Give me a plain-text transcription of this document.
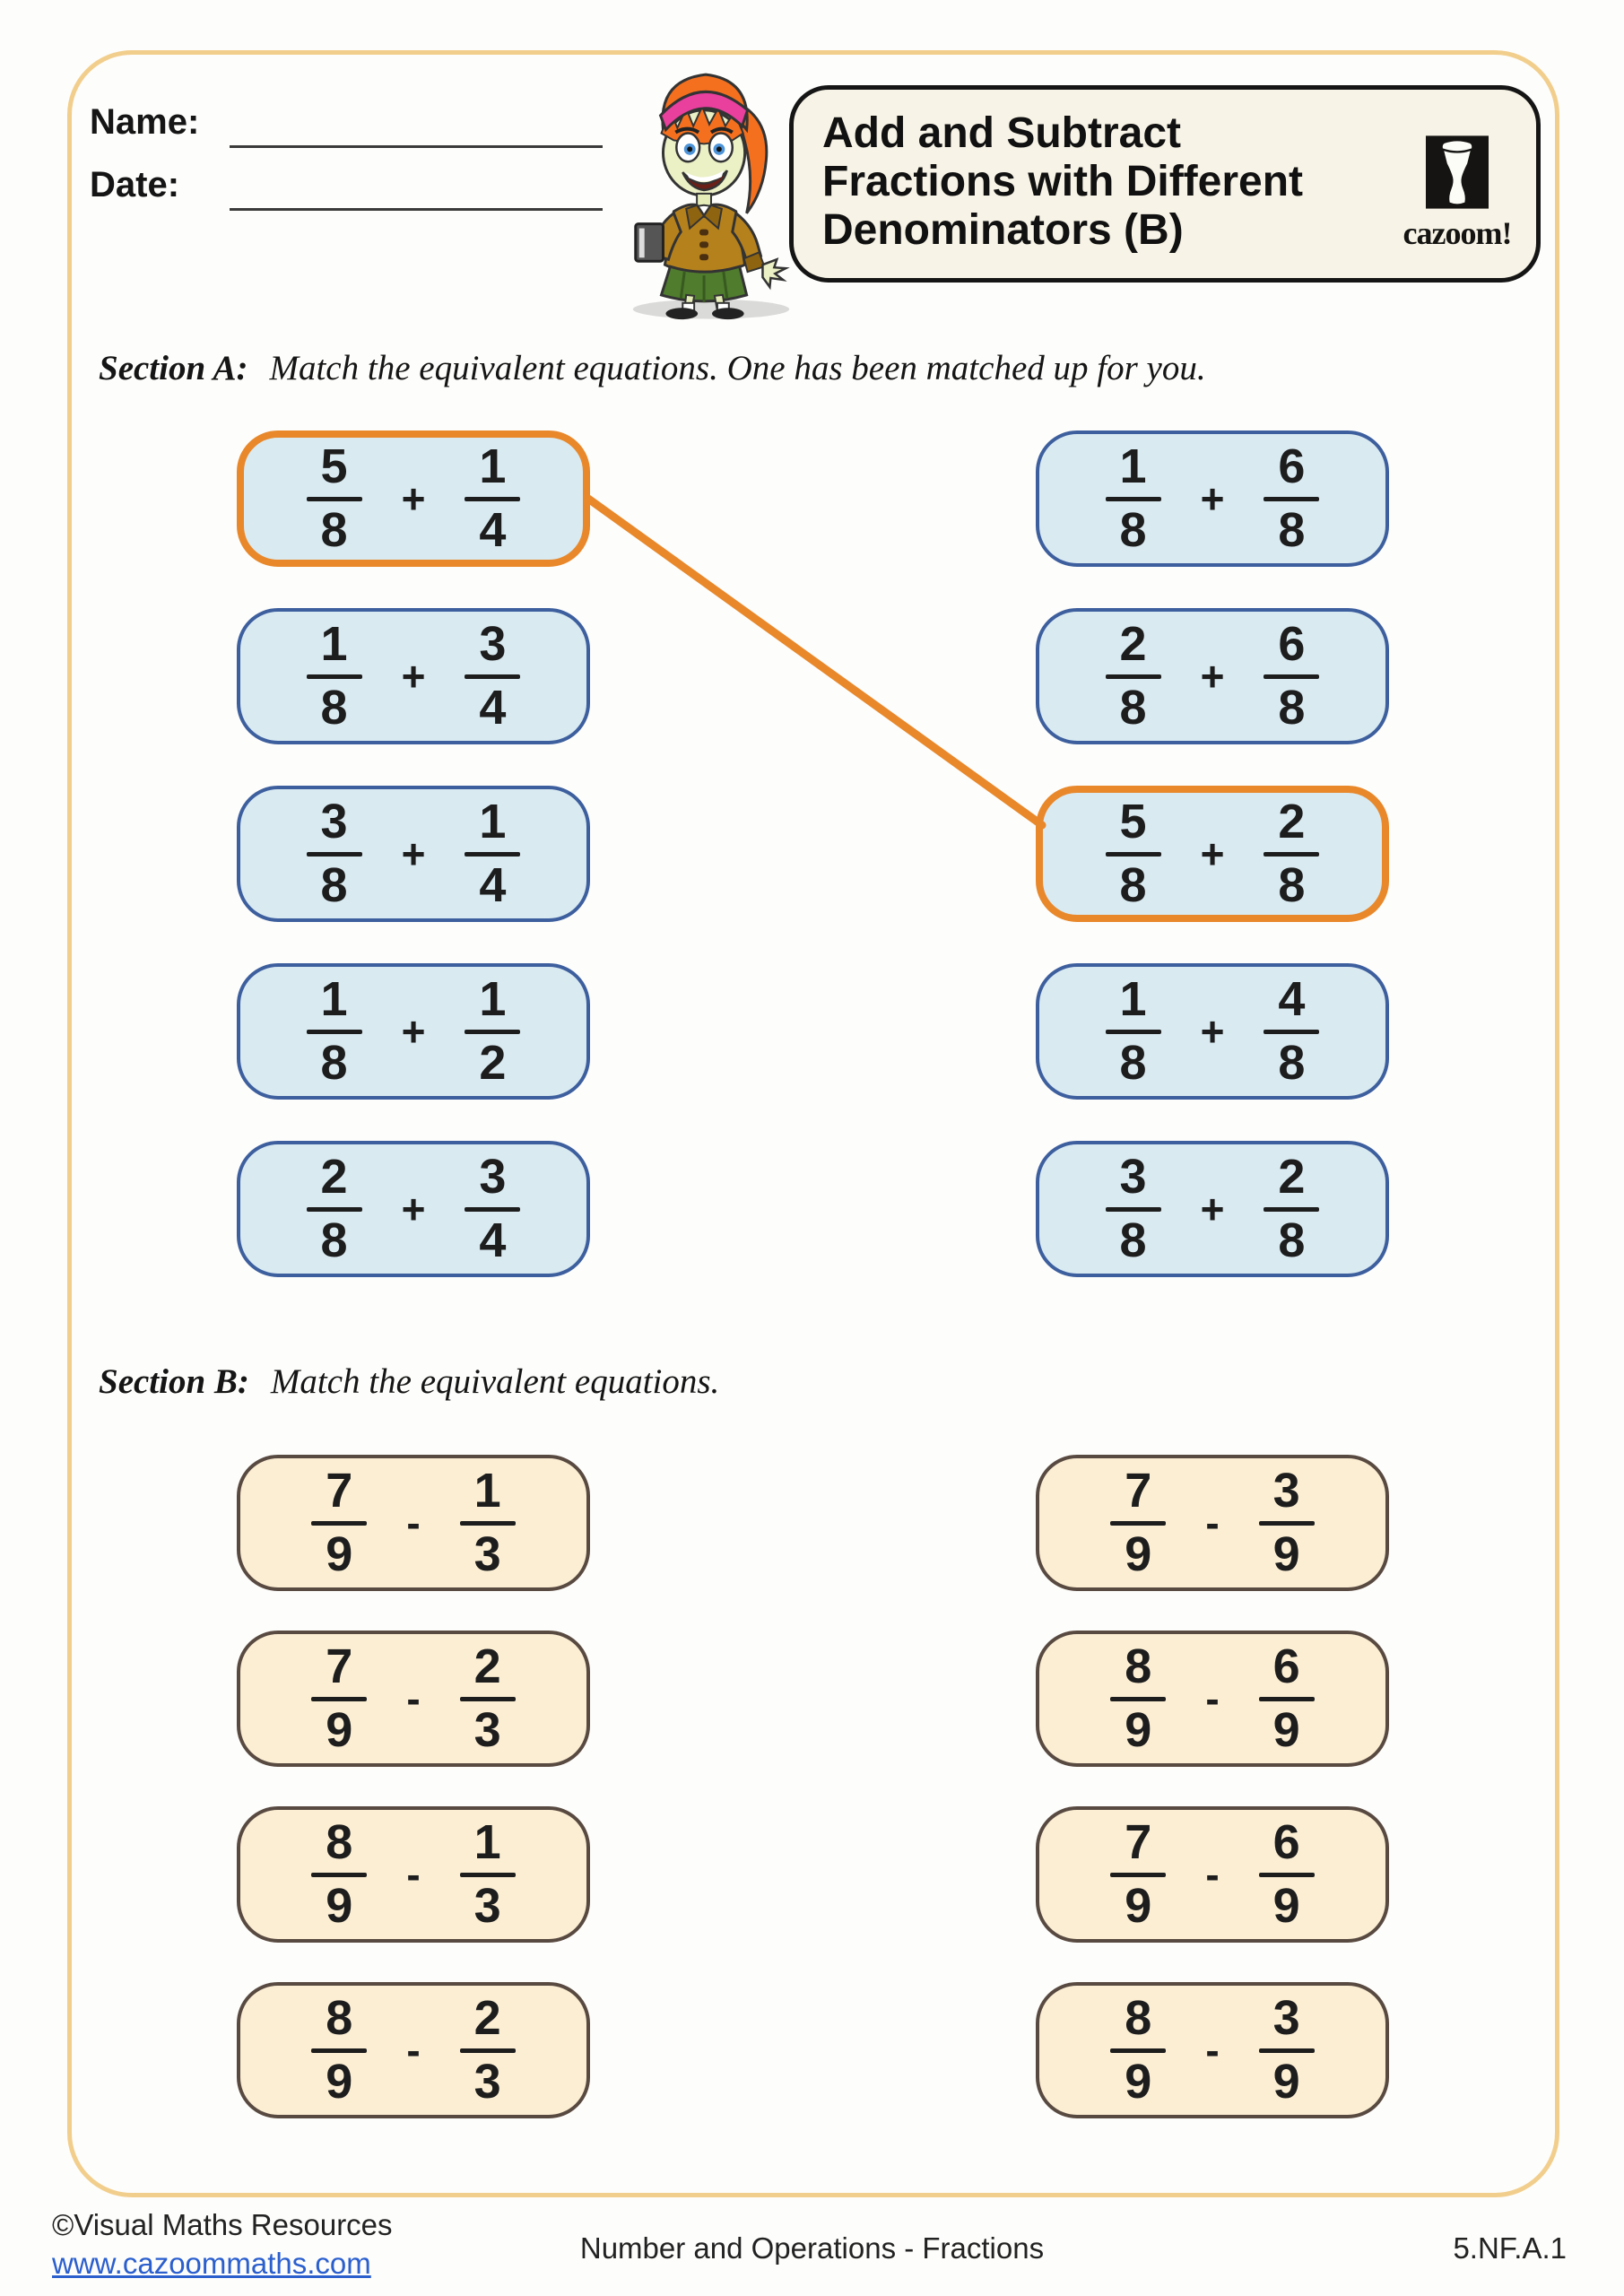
Name:
Date:
Add and Subtract
Fractions with Different
Denominators (B)	cazoom!
Section A: Match the equivalent equations. One has been matched up for you.
5
8
+
1
4
1
8
+
3
4
3
8
+
1
4
1
8
+
1
2
2
8
+
3
4
1
8
+
6
8
2
8
+
6
8
5
8
+
2
8
1
8
+
4
8
3
8
+
2
8
Section B: Match the equivalent equations.
7
9
-
1
3
7
9
-
2
3
8
9
-
1
3
8
9
-
2
3
7
9
-
3
9
8
9
-
6
9
7
9
-
6
9
8
9
-
3
9
©Visual Maths Resources
www.cazoommaths.com	Number and Operations - Fractions	5.NF.A.1
